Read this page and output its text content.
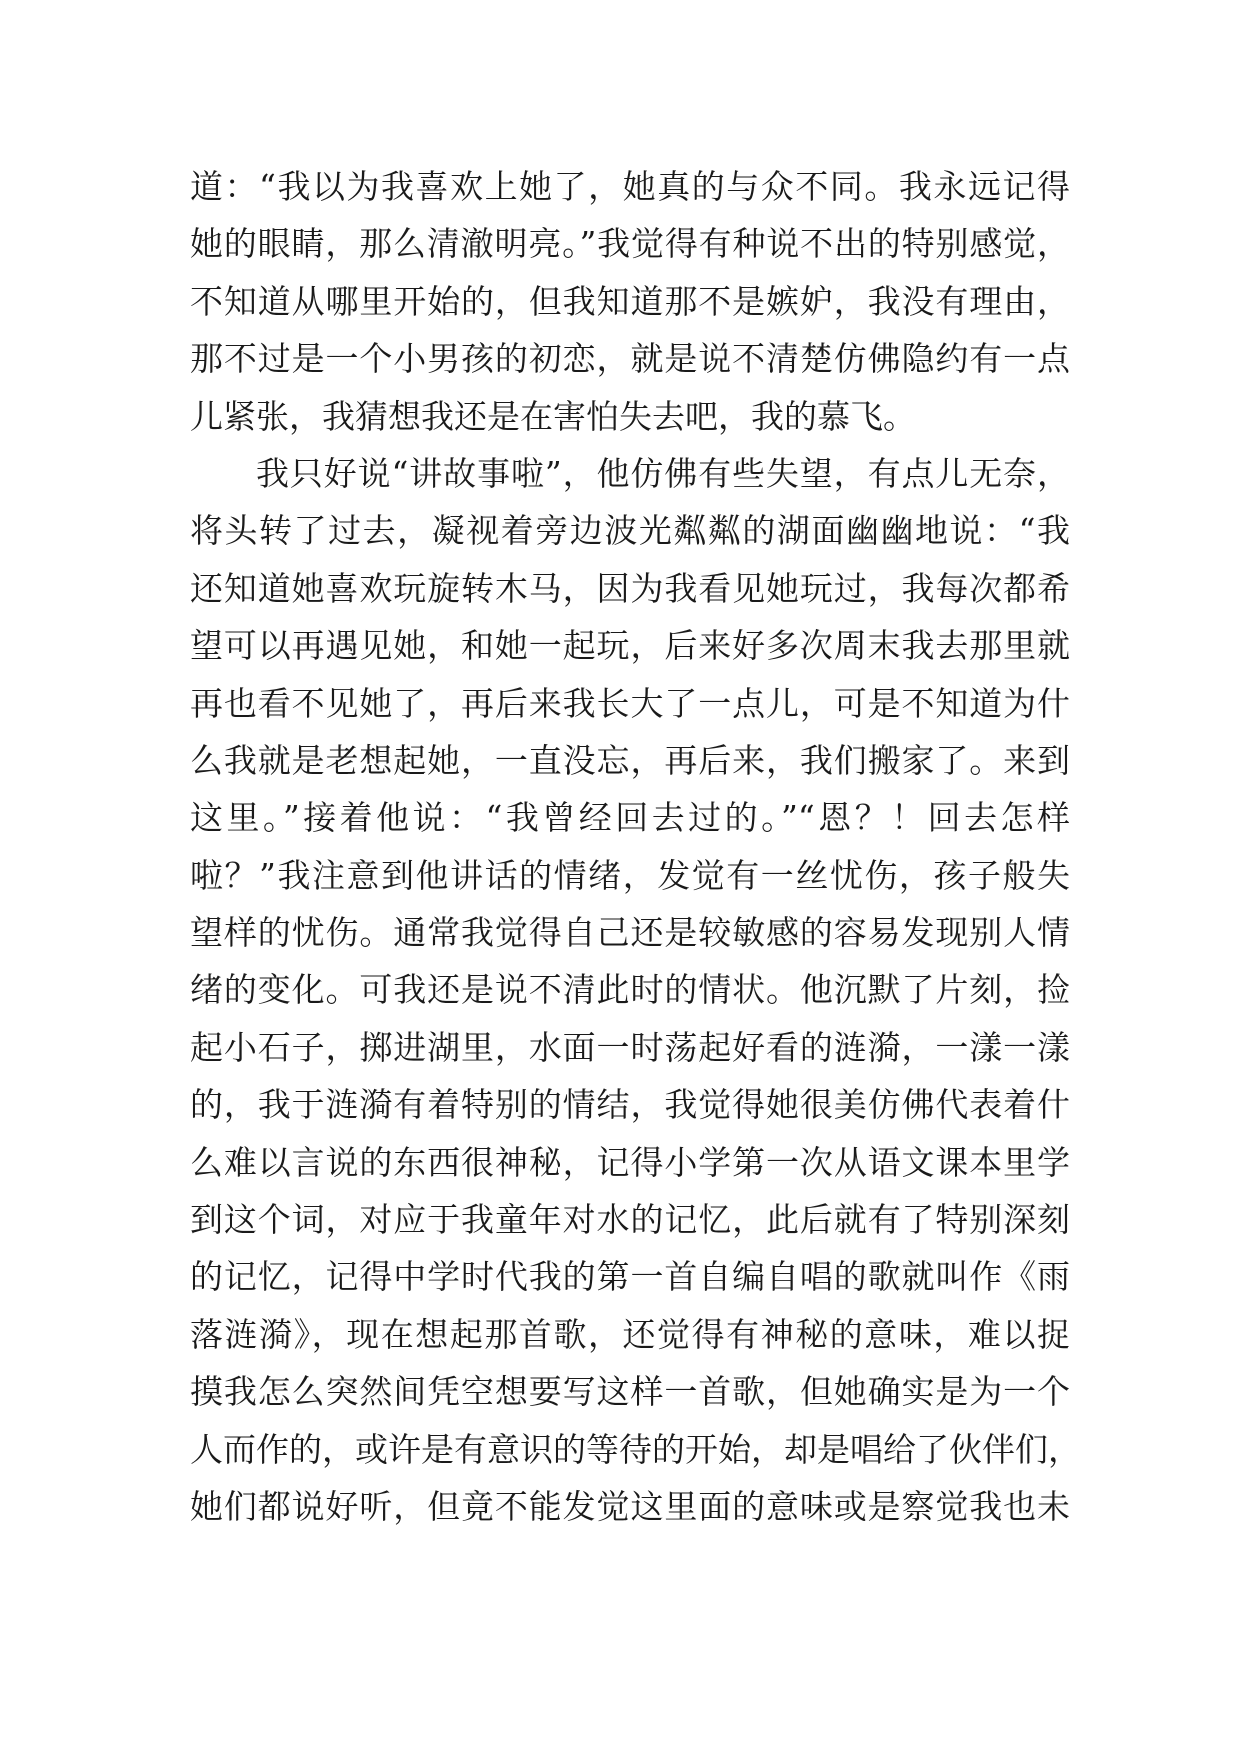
道：“我以为我喜欢上她了，她真的与众不同。我永远记得
她的眼睛，那么清澈明亮。”我觉得有种说不出的特别感觉，
不知道从哪里开始的，但我知道那不是嫉妒，我没有理由，
那不过是一个小男孩的初恋，就是说不清楚仿佛隐约有一点
儿紧张，我猜想我还是在害怕失去吧，我的慕飞。
我只好说“讲故事啦”，他仿佛有些失望，有点儿无奈，
将头转了过去，凝视着旁边波光粼粼的湖面幽幽地说：“我
还知道她喜欢玩旋转木马，因为我看见她玩过，我每次都希
望可以再遇见她，和她一起玩，后来好多次周末我去那里就
再也看不见她了，再后来我长大了一点儿，可是不知道为什
么我就是老想起她，一直没忘，再后来，我们搬家了。来到
这里。”接着他说：“我曾经回去过的。”“恩？！回去怎样
啦？”我注意到他讲话的情绪，发觉有一丝忧伤，孩子般失
望样的忧伤。通常我觉得自己还是较敏感的容易发现别人情
绪的变化。可我还是说不清此时的情状。他沉默了片刻，捡
起小石子，掷进湖里，水面一时荡起好看的涟漪，一漾一漾
的，我于涟漪有着特别的情结，我觉得她很美仿佛代表着什
么难以言说的东西很神秘，记得小学第一次从语文课本里学
到这个词，对应于我童年对水的记忆，此后就有了特别深刻
的记忆，记得中学时代我的第一首自编自唱的歌就叫作《雨
落涟漪》，现在想起那首歌，还觉得有神秘的意味，难以捉
摸我怎么突然间凭空想要写这样一首歌，但她确实是为一个
人而作的，或许是有意识的等待的开始，却是唱给了伙伴们，
她们都说好听，但竟不能发觉这里面的意味或是察觉我也未
